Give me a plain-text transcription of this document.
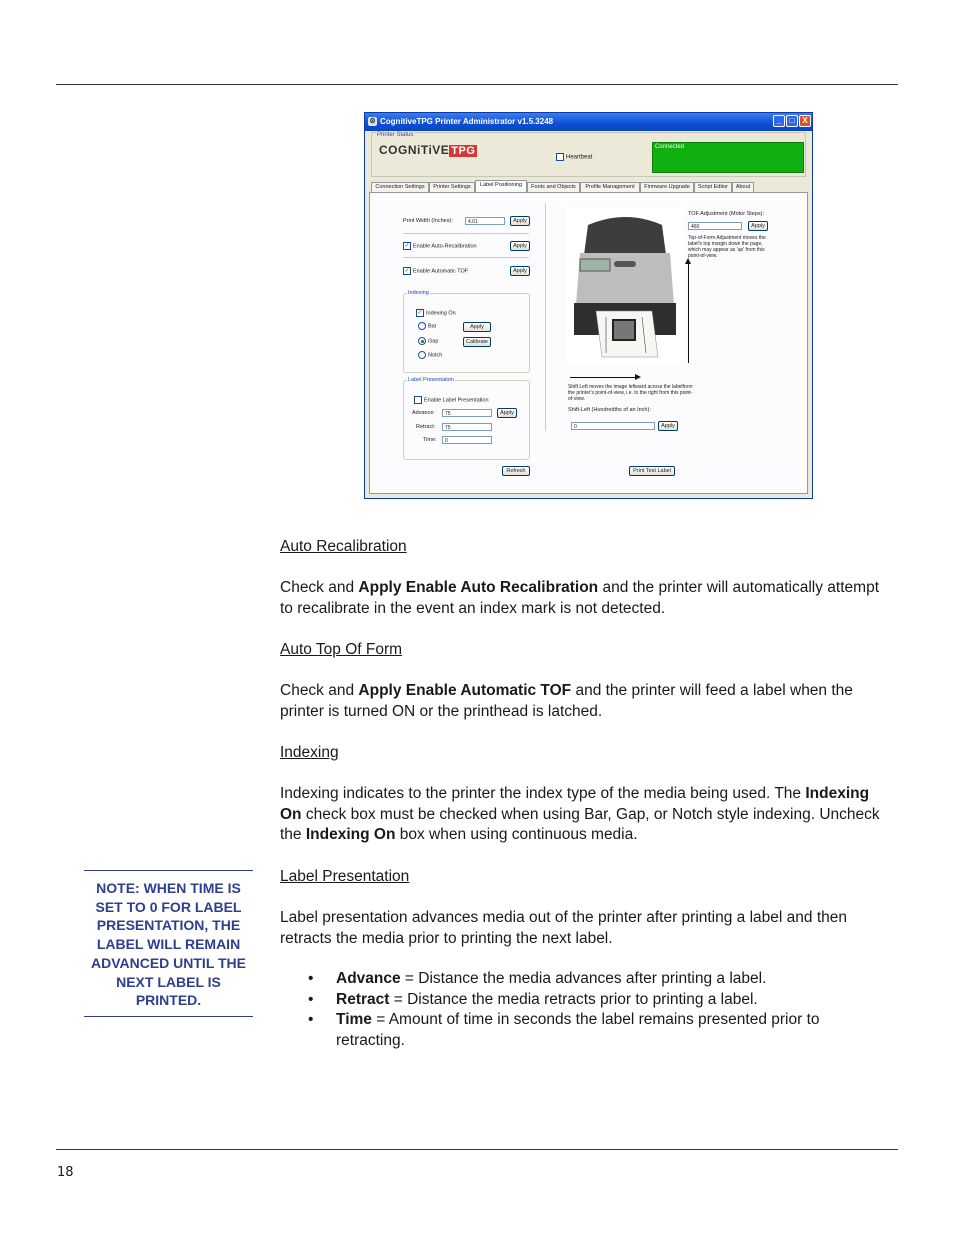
⚙ CognitiveTPG Printer Administrator v1.5.3248	_	□ X
Printer Status
COGNiTiVE TPG
Heartbeat
Connected
Connection Settings	Printer Settings	Label Positioning	Fonts and Objects	Profile Management	Firmware Upgrade	Script Editor	About
Print Width (Inches):	4.01	Apply
✓ Enable Auto-Recalibration	Apply
✓ Enable Automatic TOF	Apply
Indexing
✓ Indexing On
Bar
Gap
Notch
Apply
Calibrate
Label Presentation
Enable Label Presentation
Advance:	75	Apply
Retract:	75
Time:	0
TOF Adjustment (Motor Steps):
460	Apply
Top-of-Form Adjustment moves the label's top margin down the page, which may appear as 'up' from this point-of-view.
Shift Left moves the image leftward across the labelfrom the printer's point-of-view, i.e. to the right from this point-of-view.
Shift-Left (Hundredths of an Inch):
0	Apply
Refresh	Print Test Label
Auto Recalibration
Check and Apply Enable Auto Recalibration and the printer will automatically attempt to recalibrate in the event an index mark is not detected.
Auto Top Of Form
Check and Apply Enable Automatic TOF and the printer will feed a label when the printer is turned ON or the printhead is latched.
Indexing
Indexing indicates to the printer the index type of the media being used. The Indexing On check box must be checked when using Bar, Gap, or Notch style indexing. Uncheck the Indexing On box when using continuous media.
Label Presentation
Label presentation advances media out of the printer after printing a label and then retracts the media prior to printing the next label.
• Advance = Distance the media advances after printing a label.
• Retract = Distance the media retracts prior to printing a label.
• Time = Amount of time in seconds the label remains presented prior to retracting.
NOTE: WHEN TIME IS SET TO 0 FOR LABEL PRESENTATION, THE LABEL WILL REMAIN ADVANCED UNTIL THE NEXT LABEL IS PRINTED.
18
